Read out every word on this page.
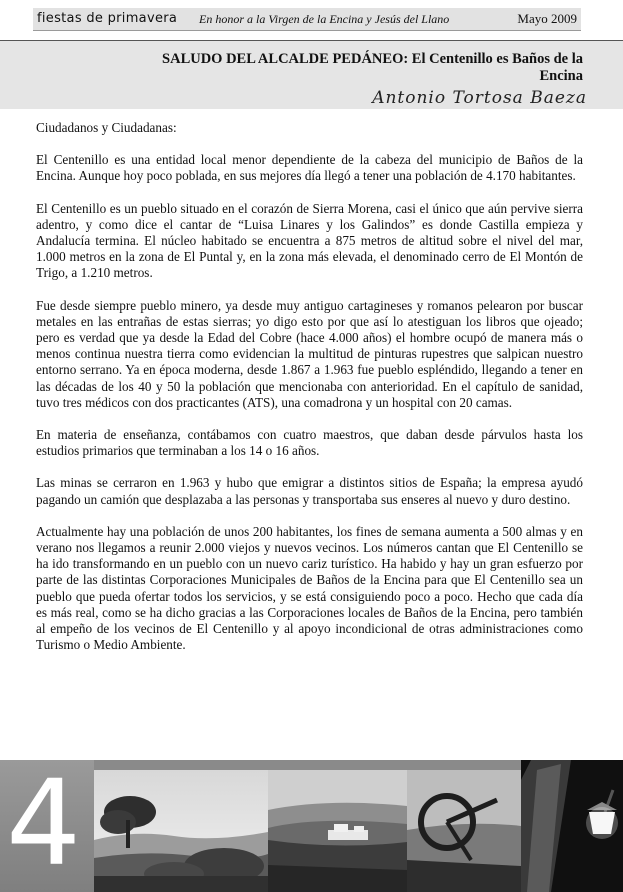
fiestas de primavera En honor a la Virgen de la Encina y Jesús del Llano	Mayo 2009
SALUDO DEL ALCALDE PEDÁNEO: El Centenillo es Baños de la Encina
Antonio Tortosa Baeza

Ciudadanos y Ciudadanas:

El Centenillo es una entidad local menor dependiente de la cabeza del municipio de Baños de la Encina. Aunque hoy poco poblada, en sus mejores día llegó a tener una población de 4.170 habitantes.

El Centenillo es un pueblo situado en el corazón de Sierra Morena, casi el único que aún pervive sierra adentro, y como dice el cantar de “Luisa Linares y los Galindos” es donde Castilla empieza y Andalucía termina. El núcleo habitado se encuentra a 875 metros de altitud sobre el nivel del mar, 1.000 metros en la zona de El Puntal y, en la zona más elevada, el denominado cerro de El Montón de Trigo, a 1.210 metros.

Fue desde siempre pueblo minero, ya desde muy antiguo cartagineses y romanos pelearon por buscar metales en las entrañas de estas sierras; yo digo esto por que así lo atestiguan los libros que ojeado; pero es verdad que ya desde la Edad del Cobre (hace 4.000 años) el hombre ocupó de manera más o menos continua nuestra tierra como evidencian la multitud de pinturas rupestres que salpican nuestro entorno serrano. Ya en época moderna, desde 1.867 a 1.963 fue pueblo espléndido, llegando a tener en las décadas de los 40 y 50 la población que mencionaba con anterioridad. En el capítulo de sanidad, tuvo tres médicos con dos practicantes (ATS), una comadrona y un hospital con 20 camas.

En materia de enseñanza, contábamos con cuatro maestros, que daban desde párvulos hasta los estudios primarios que terminaban a los 14 o 16 años.

Las minas se cerraron en 1.963 y hubo que emigrar a distintos sitios de España; la empresa ayudó pagando un camión que desplazaba a las personas y transportaba sus enseres al nuevo y duro destino.

Actualmente hay una población de unos 200 habitantes, los fines de semana aumenta a 500 almas y en verano nos llegamos a reunir 2.000 viejos y nuevos vecinos. Los números cantan que El Centenillo se ha ido transformando en un pueblo con un nuevo cariz turístico. Ha habido y hay un gran esfuerzo por parte de las distintas Corporaciones Municipales de Baños de la Encina para que El Centenillo sea un pueblo que pueda ofertar todos los servicios, y se está consiguiendo poco a poco. Hecho que cada día es más real, como se ha dicho gracias a las Corporaciones locales de Baños de la Encina, pero también al empeño de los vecinos de El Centenillo y al apoyo incondicional de otras administraciones como Turismo o Medio Ambiente.

4
